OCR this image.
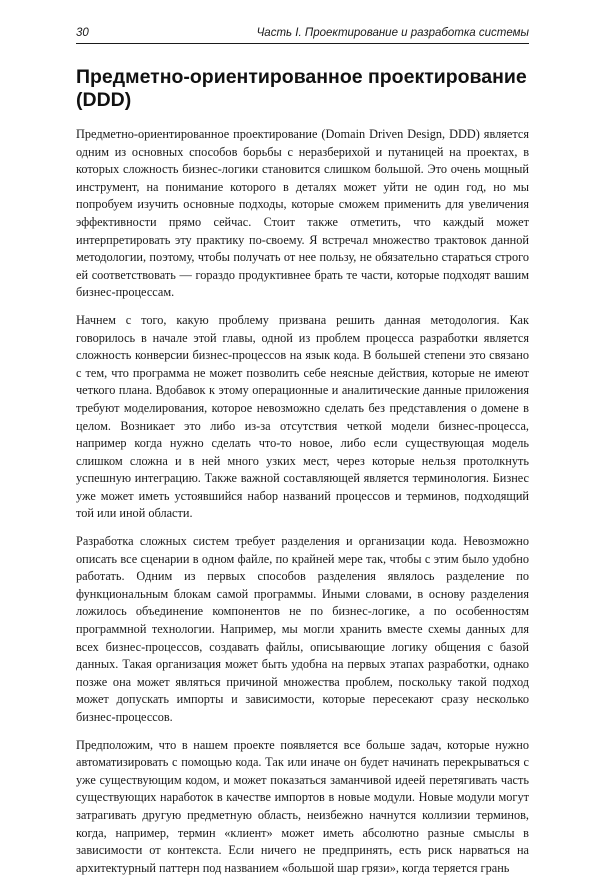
30	Часть I. Проектирование и разработка системы
Предметно-ориентированное проектирование (DDD)

Предметно-ориентированное проектирование (Domain Driven Design, DDD) является одним из основных способов борьбы с неразберихой и путаницей на проектах, в которых сложность бизнес-логики становится слишком большой. Это очень мощный инструмент, на понимание которого в деталях может уйти не один год, но мы попробуем изучить основные подходы, которые сможем применить для увеличения эффективности прямо сейчас. Стоит также отметить, что каждый может интерпретировать эту практику по-своему. Я встречал множество трактовок данной методологии, поэтому, чтобы получать от нее пользу, не обязательно стараться строго ей соответствовать — гораздо продуктивнее брать те части, которые подходят вашим бизнес-процессам.

Начнем с того, какую проблему призвана решить данная методология. Как говорилось в начале этой главы, одной из проблем процесса разработки является сложность конверсии бизнес-процессов на язык кода. В большей степени это связано с тем, что программа не может позволить себе неясные действия, которые не имеют четкого плана. Вдобавок к этому операционные и аналитические данные приложения требуют моделирования, которое невозможно сделать без представления о домене в целом. Возникает это либо из-за отсутствия четкой модели бизнес-процесса, например когда нужно сделать что-то новое, либо если существующая модель слишком сложна и в ней много узких мест, через которые нельзя протолкнуть успешную интеграцию. Также важной составляющей является терминология. Бизнес уже может иметь устоявшийся набор названий процессов и терминов, подходящий той или иной области.

Разработка сложных систем требует разделения и организации кода. Невозможно описать все сценарии в одном файле, по крайней мере так, чтобы с этим было удобно работать. Одним из первых способов разделения являлось разделение по функциональным блокам самой программы. Иными словами, в основу разделения ложилось объединение компонентов не по бизнес-логике, а по особенностям программной технологии. Например, мы могли хранить вместе схемы данных для всех бизнес-процессов, создавать файлы, описывающие логику общения с базой данных. Такая организация может быть удобна на первых этапах разработки, однако позже она может являться причиной множества проблем, поскольку такой подход может допускать импорты и зависимости, которые пересекают сразу несколько бизнес-процессов.

Предположим, что в нашем проекте появляется все больше задач, которые нужно автоматизировать с помощью кода. Так или иначе он будет начинать перекрываться с уже существующим кодом, и может показаться заманчивой идеей перетягивать часть существующих наработок в качестве импортов в новые модули. Новые модули могут затрагивать другую предметную область, неизбежно начнутся коллизии терминов, когда, например, термин «клиент» может иметь абсолютно разные смыслы в зависимости от контекста. Если ничего не предпринять, есть риск нарваться на архитектурный паттерн под названием «большой шар грязи», когда теряется грань
